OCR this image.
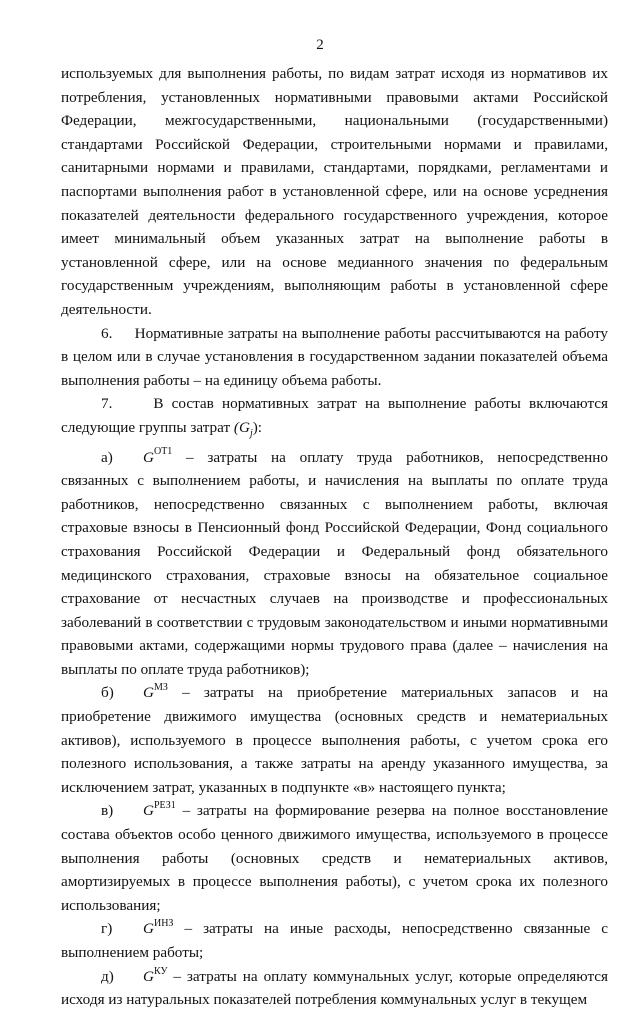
2

используемых для выполнения работы, по видам затрат исходя из нормативов их потребления, установленных нормативными правовыми актами Российской Федерации, межгосударственными, национальными (государственными) стандартами Российской Федерации, строительными нормами и правилами, санитарными нормами и правилами, стандартами, порядками, регламентами и паспортами выполнения работ в установленной сфере, или на основе усреднения показателей деятельности федерального государственного учреждения, которое имеет минимальный объем указанных затрат на выполнение работы в установленной сфере, или на основе медианного значения по федеральным государственным учреждениям, выполняющим работы в установленной сфере деятельности.

6.     Нормативные затраты на выполнение работы рассчитываются на работу в целом или в случае установления в государственном задании показателей объема выполнения работы – на единицу объема работы.

7.     В состав нормативных затрат на выполнение работы включаются следующие группы затрат $(G_j)$:

а) $G^{ОТ1}$ – затраты на оплату труда работников, непосредственно связанных с выполнением работы, и начисления на выплаты по оплате труда работников, непосредственно связанных с выполнением работы, включая страховые взносы в Пенсионный фонд Российской Федерации, Фонд социального страхования Российской Федерации и Федеральный фонд обязательного медицинского страхования, страховые взносы на обязательное социальное страхование от несчастных случаев на производстве и профессиональных заболеваний в соответствии с трудовым законодательством и иными нормативными правовыми актами, содержащими нормы трудового права (далее – начисления на выплаты по оплате труда работников);

б) $G^{МЗ}$ – затраты на приобретение материальных запасов и на приобретение движимого имущества (основных средств и нематериальных активов), используемого в процессе выполнения работы, с учетом срока его полезного использования, а также затраты на аренду указанного имущества, за исключением затрат, указанных в подпункте «в» настоящего пункта;

в) $G^{РЕЗ1}$ – затраты на формирование резерва на полное восстановление состава объектов особо ценного движимого имущества, используемого в процессе выполнения работы (основных средств и нематериальных активов, амортизируемых в процессе выполнения работы), с учетом срока их полезного использования;

г) $G^{ИНЗ}$ – затраты на иные расходы, непосредственно связанные с выполнением работы;

д) $G^{КУ}$ – затраты на оплату коммунальных услуг, которые определяются исходя из натуральных показателей потребления коммунальных услуг в текущем
